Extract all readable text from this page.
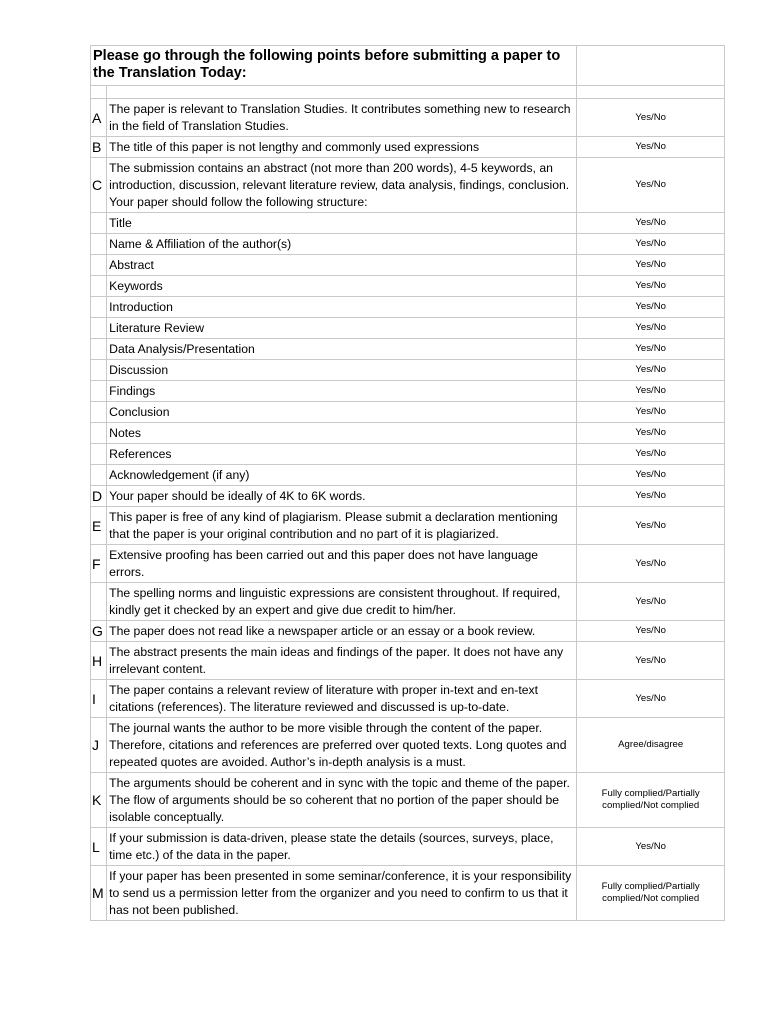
Please go through the following points before submitting a paper to the Translation Today:		

A	The paper is relevant to Translation Studies. It contributes something new to research in the field of Translation Studies.	Yes/No
B	The title of this paper is not lengthy and commonly used expressions	Yes/No
C	The submission contains an abstract (not more than 200 words), 4-5 keywords, an introduction, discussion, relevant literature review, data analysis, findings, conclusion. Your paper should follow the following structure:	Yes/No
	Title	Yes/No
	Name & Affiliation of the author(s)	Yes/No
	Abstract	Yes/No
	Keywords	Yes/No
	Introduction	Yes/No
	Literature Review	Yes/No
	Data Analysis/Presentation	Yes/No
	Discussion	Yes/No
	Findings	Yes/No
	Conclusion	Yes/No
	Notes	Yes/No
	References	Yes/No
	Acknowledgement (if any)	Yes/No
D	Your paper should be ideally of 4K to 6K words.	Yes/No
E	This paper is free of any kind of plagiarism. Please submit a declaration mentioning that the paper is your original contribution and no part of it is plagiarized.	Yes/No
F	Extensive proofing has been carried out and this paper does not have language errors.	Yes/No
	The spelling norms and linguistic expressions are consistent throughout. If required, kindly get it checked by an expert and give due credit to him/her.	Yes/No
G	The paper does not read like a newspaper article or an essay or a book review.	Yes/No
H	The abstract presents the main ideas and findings of the paper. It does not have any irrelevant content.	Yes/No
I	The paper contains a relevant review of literature with proper in-text and en-text citations (references). The literature reviewed and discussed is up-to-date.	Yes/No
J	The journal wants the author to be more visible through the content of the paper. Therefore, citations and references are preferred over quoted texts. Long quotes and repeated quotes are avoided. Author’s in-depth analysis is a must.	Agree/disagree
K	The arguments should be coherent and in sync with the topic and theme of the paper. The flow of arguments should be so coherent that no portion of the paper should be isolable conceptually.	Fully complied/Partially complied/Not complied
L	If your submission is data-driven, please state the details (sources, surveys, place, time etc.) of the data in the paper.	Yes/No
M	If your paper has been presented in some seminar/conference, it is your responsibility to send us a permission letter from the organizer and you need to confirm to us that it has not been published.	Fully complied/Partially complied/Not complied
